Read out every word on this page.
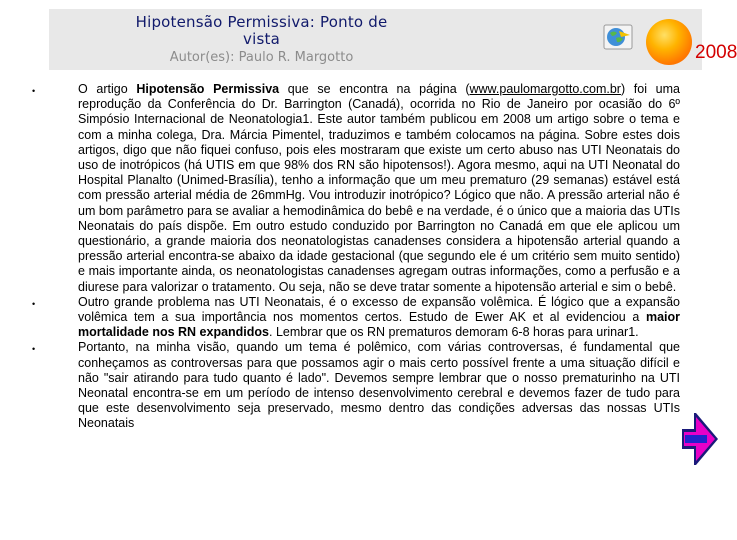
Hipotensão Permissiva: Ponto de vista
Autor(es): Paulo R. Margotto	2008

•	O artigo Hipotensão Permissiva que se encontra na página (www.paulomargotto.com.br) foi uma reprodução da Conferência do Dr. Barrington (Canadá), ocorrida no Rio de Janeiro por ocasião do 6º Simpósio Internacional de Neonatologia1. Este autor também publicou em 2008 um artigo sobre o tema e com a minha colega, Dra. Márcia Pimentel, traduzimos e também colocamos na página. Sobre estes dois artigos, digo que não fiquei confuso, pois eles mostraram que existe um certo abuso nas UTI Neonatais do uso de inotrópicos (há UTIS em que 98% dos RN são hipotensos!). Agora mesmo, aqui na UTI Neonatal do Hospital Planalto (Unimed-Brasília), tenho a informação que um meu prematuro (29 semanas) estável está com pressão arterial média de 26mmHg. Vou introduzir inotrópico? Lógico que não. A pressão arterial não é um bom parâmetro para se avaliar a hemodinâmica do bebê e na verdade, é o único que a maioria das UTIs Neonatais do país dispõe. Em outro estudo conduzido por Barrington no Canadá em que ele aplicou um questionário, a grande maioria dos neonatologistas canadenses considera a hipotensão arterial quando a pressão arterial encontra-se abaixo da idade gestacional (que segundo ele é um critério sem muito sentido) e mais importante ainda, os neonatologistas canadenses agregam outras informações, como a perfusão e a diurese para valorizar o tratamento. Ou seja, não se deve tratar somente a hipotensão arterial e sim o bebê.

•	Outro grande problema nas UTI Neonatais, é o excesso de expansão volêmica. É lógico que a expansão volêmica tem a sua importância nos momentos certos. Estudo de Ewer AK et al evidenciou a maior mortalidade nos RN expandidos. Lembrar que os RN prematuros demoram 6-8 horas para urinar1.

•	Portanto, na minha visão, quando um tema é polêmico, com várias controversas, é fundamental que conheçamos as controversas para que possamos agir o mais certo possível frente a uma situação difícil e não "sair atirando para tudo quanto é lado". Devemos sempre lembrar que o nosso prematurinho na UTI Neonatal encontra-se em um período de intenso desenvolvimento cerebral e devemos fazer de tudo para que este desenvolvimento seja preservado, mesmo dentro das condições adversas das nossas UTIs Neonatais
